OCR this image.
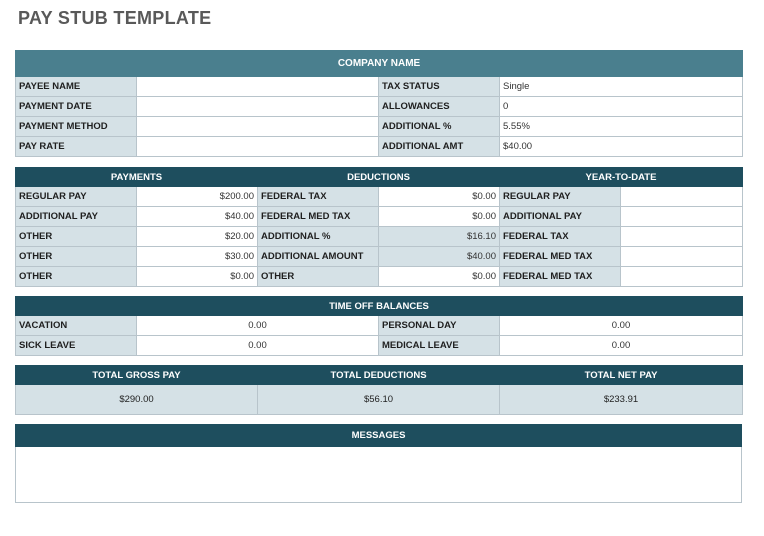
PAY STUB TEMPLATE
COMPANY NAME			
PAYEE NAME		TAX STATUS	Single
PAYMENT DATE		ALLOWANCES	0
PAYMENT METHOD		ADDITIONAL %	5.55%
PAY RATE		ADDITIONAL AMT	$40.00
PAYMENTS		DEDUCTIONS		YEAR-TO-DATE	
REGULAR PAY	$200.00	FEDERAL TAX	$0.00	REGULAR PAY	
ADDITIONAL PAY	$40.00	FEDERAL MED TAX	$0.00	ADDITIONAL PAY	
OTHER	$20.00	ADDITIONAL %	$16.10	FEDERAL TAX	
OTHER	$30.00	ADDITIONAL AMOUNT	$40.00	FEDERAL MED TAX	
OTHER	$0.00	OTHER	$0.00	FEDERAL MED TAX	
TIME OFF BALANCES			
VACATION	0.00	PERSONAL DAY	0.00
SICK LEAVE	0.00	MEDICAL LEAVE	0.00
TOTAL GROSS PAY	TOTAL DEDUCTIONS	TOTAL NET PAY
$290.00	$56.10	$233.91
MESSAGES
